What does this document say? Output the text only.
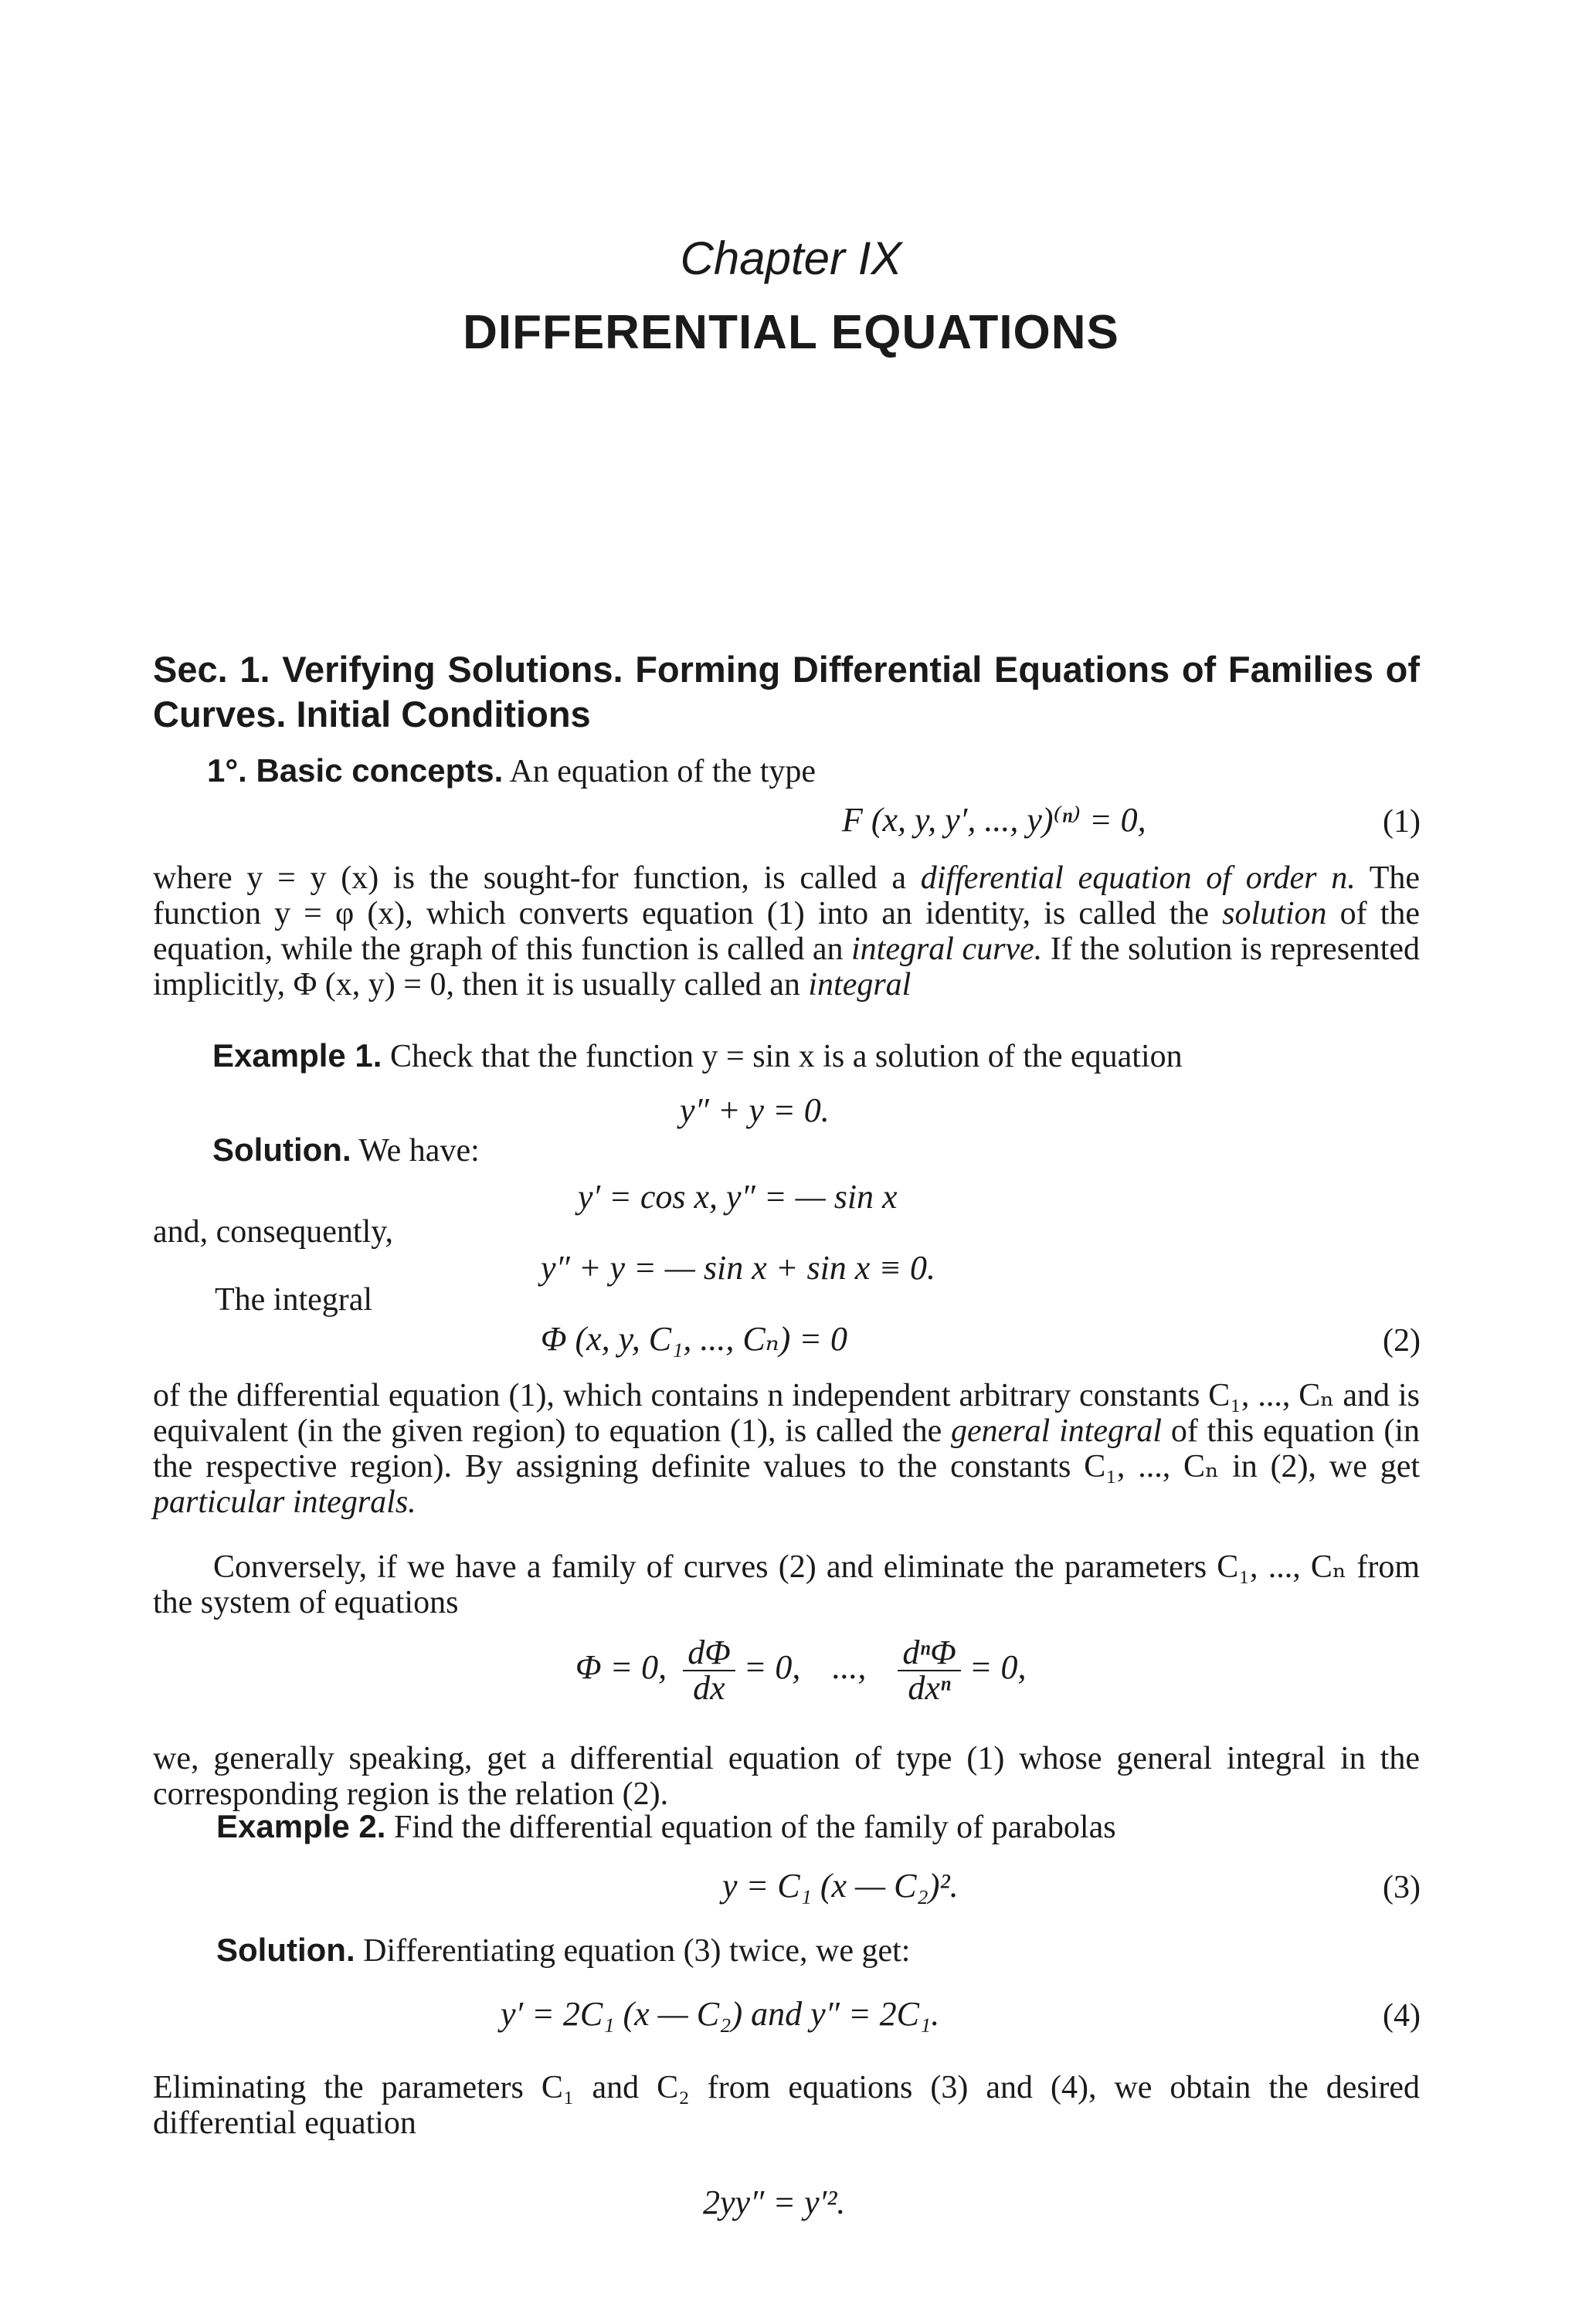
Chapter IX
DIFFERENTIAL EQUATIONS
Sec. 1. Verifying Solutions. Forming Differential Equations of Families of Curves. Initial Conditions
1°. Basic concepts. An equation of the type
F (x, y, y′, ..., y)⁽ⁿ⁾ = 0,	(1)
where y = y (x) is the sought-for function, is called a differential equation of order n. The function y = φ (x), which converts equation (1) into an identity, is called the solution of the equation, while the graph of this function is called an integral curve. If the solution is represented implicitly, Φ (x, y) = 0, then it is usually called an integral
Example 1. Check that the function y = sin x is a solution of the equation
y″ + y = 0.
Solution. We have:
y′ = cos x, y″ = — sin x
and, consequently,
y″ + y = — sin x + sin x ≡ 0.
The integral
Φ (x, y, C₁, ..., Cₙ) = 0	(2)
of the differential equation (1), which contains n independent arbitrary constants C₁, ..., Cₙ and is equivalent (in the given region) to equation (1), is called the general integral of this equation (in the respective region). By assigning definite values to the constants C₁, ..., Cₙ in (2), we get particular integrals.
Conversely, if we have a family of curves (2) and eliminate the parameters C₁, ..., Cₙ from the system of equations
Φ = 0, $\frac{d\Phi}{dx} = 0$, ..., $\frac{\text{dⁿΦ}}{\text{dxⁿ}} = 0$,
we, generally speaking, get a differential equation of type (1) whose general integral in the corresponding region is the relation (2).
Example 2. Find the differential equation of the family of parabolas
y = C₁ (x — C₂)².	(3)
Solution. Differentiating equation (3) twice, we get:
y′ = 2C₁ (x — C₂) and y″ = 2C₁.	(4)
Eliminating the parameters C₁ and C₂ from equations (3) and (4), we obtain the desired differential equation
2yy″ = y′².
